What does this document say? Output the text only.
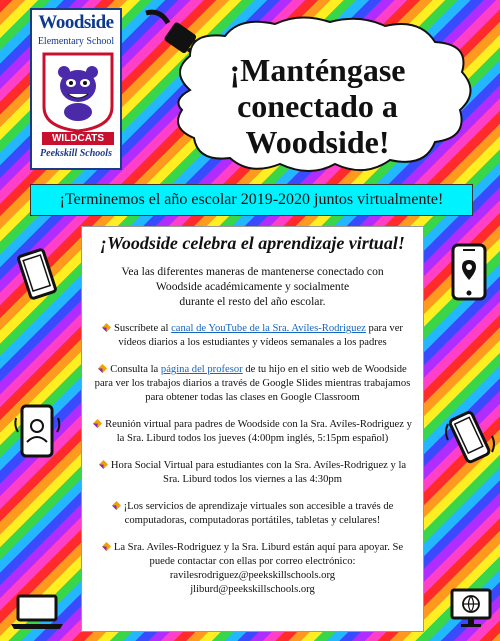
Woodside
Elementary School
WILDCATS
Peekskill Schools
¡Manténgase
conectado a
Woodside!
¡Terminemos el año escolar 2019-2020 juntos virtualmente!
¡Woodside celebra el aprendizaje virtual!
Vea las diferentes maneras de mantenerse conectado con
Woodside académicamente y socialmente
durante el resto del año escolar.
Suscríbete al canal de YouTube de la Sra. Avíles-Rodriguez para ver vídeos diarios a los estudiantes y vídeos semanales a los padres
Consulta la página del profesor de tu hijo en el sitio web de Woodside para ver los trabajos diarios a través de Google Slides mientras trabajamos para obtener todas las clases en Google Classroom
Reunión virtual para padres de Woodside con la Sra. Avíles-Rodriguez y la Sra. Liburd todos los jueves (4:00pm inglés, 5:15pm español)
Hora Social Virtual para estudiantes con la Sra. Avíles-Rodriguez y la Sra. Liburd todos los viernes a las 4:30pm
¡Los servicios de aprendizaje virtuales son accesible a través de computadoras, computadoras portátiles, tabletas y celulares!
La Sra. Avíles-Rodriguez y la Sra. Liburd están aquí para apoyar. Se puede contactar con ellas por correo electrónico:
ravilesrodriguez@peekskillschools.org
jliburd@peekskillschools.org
